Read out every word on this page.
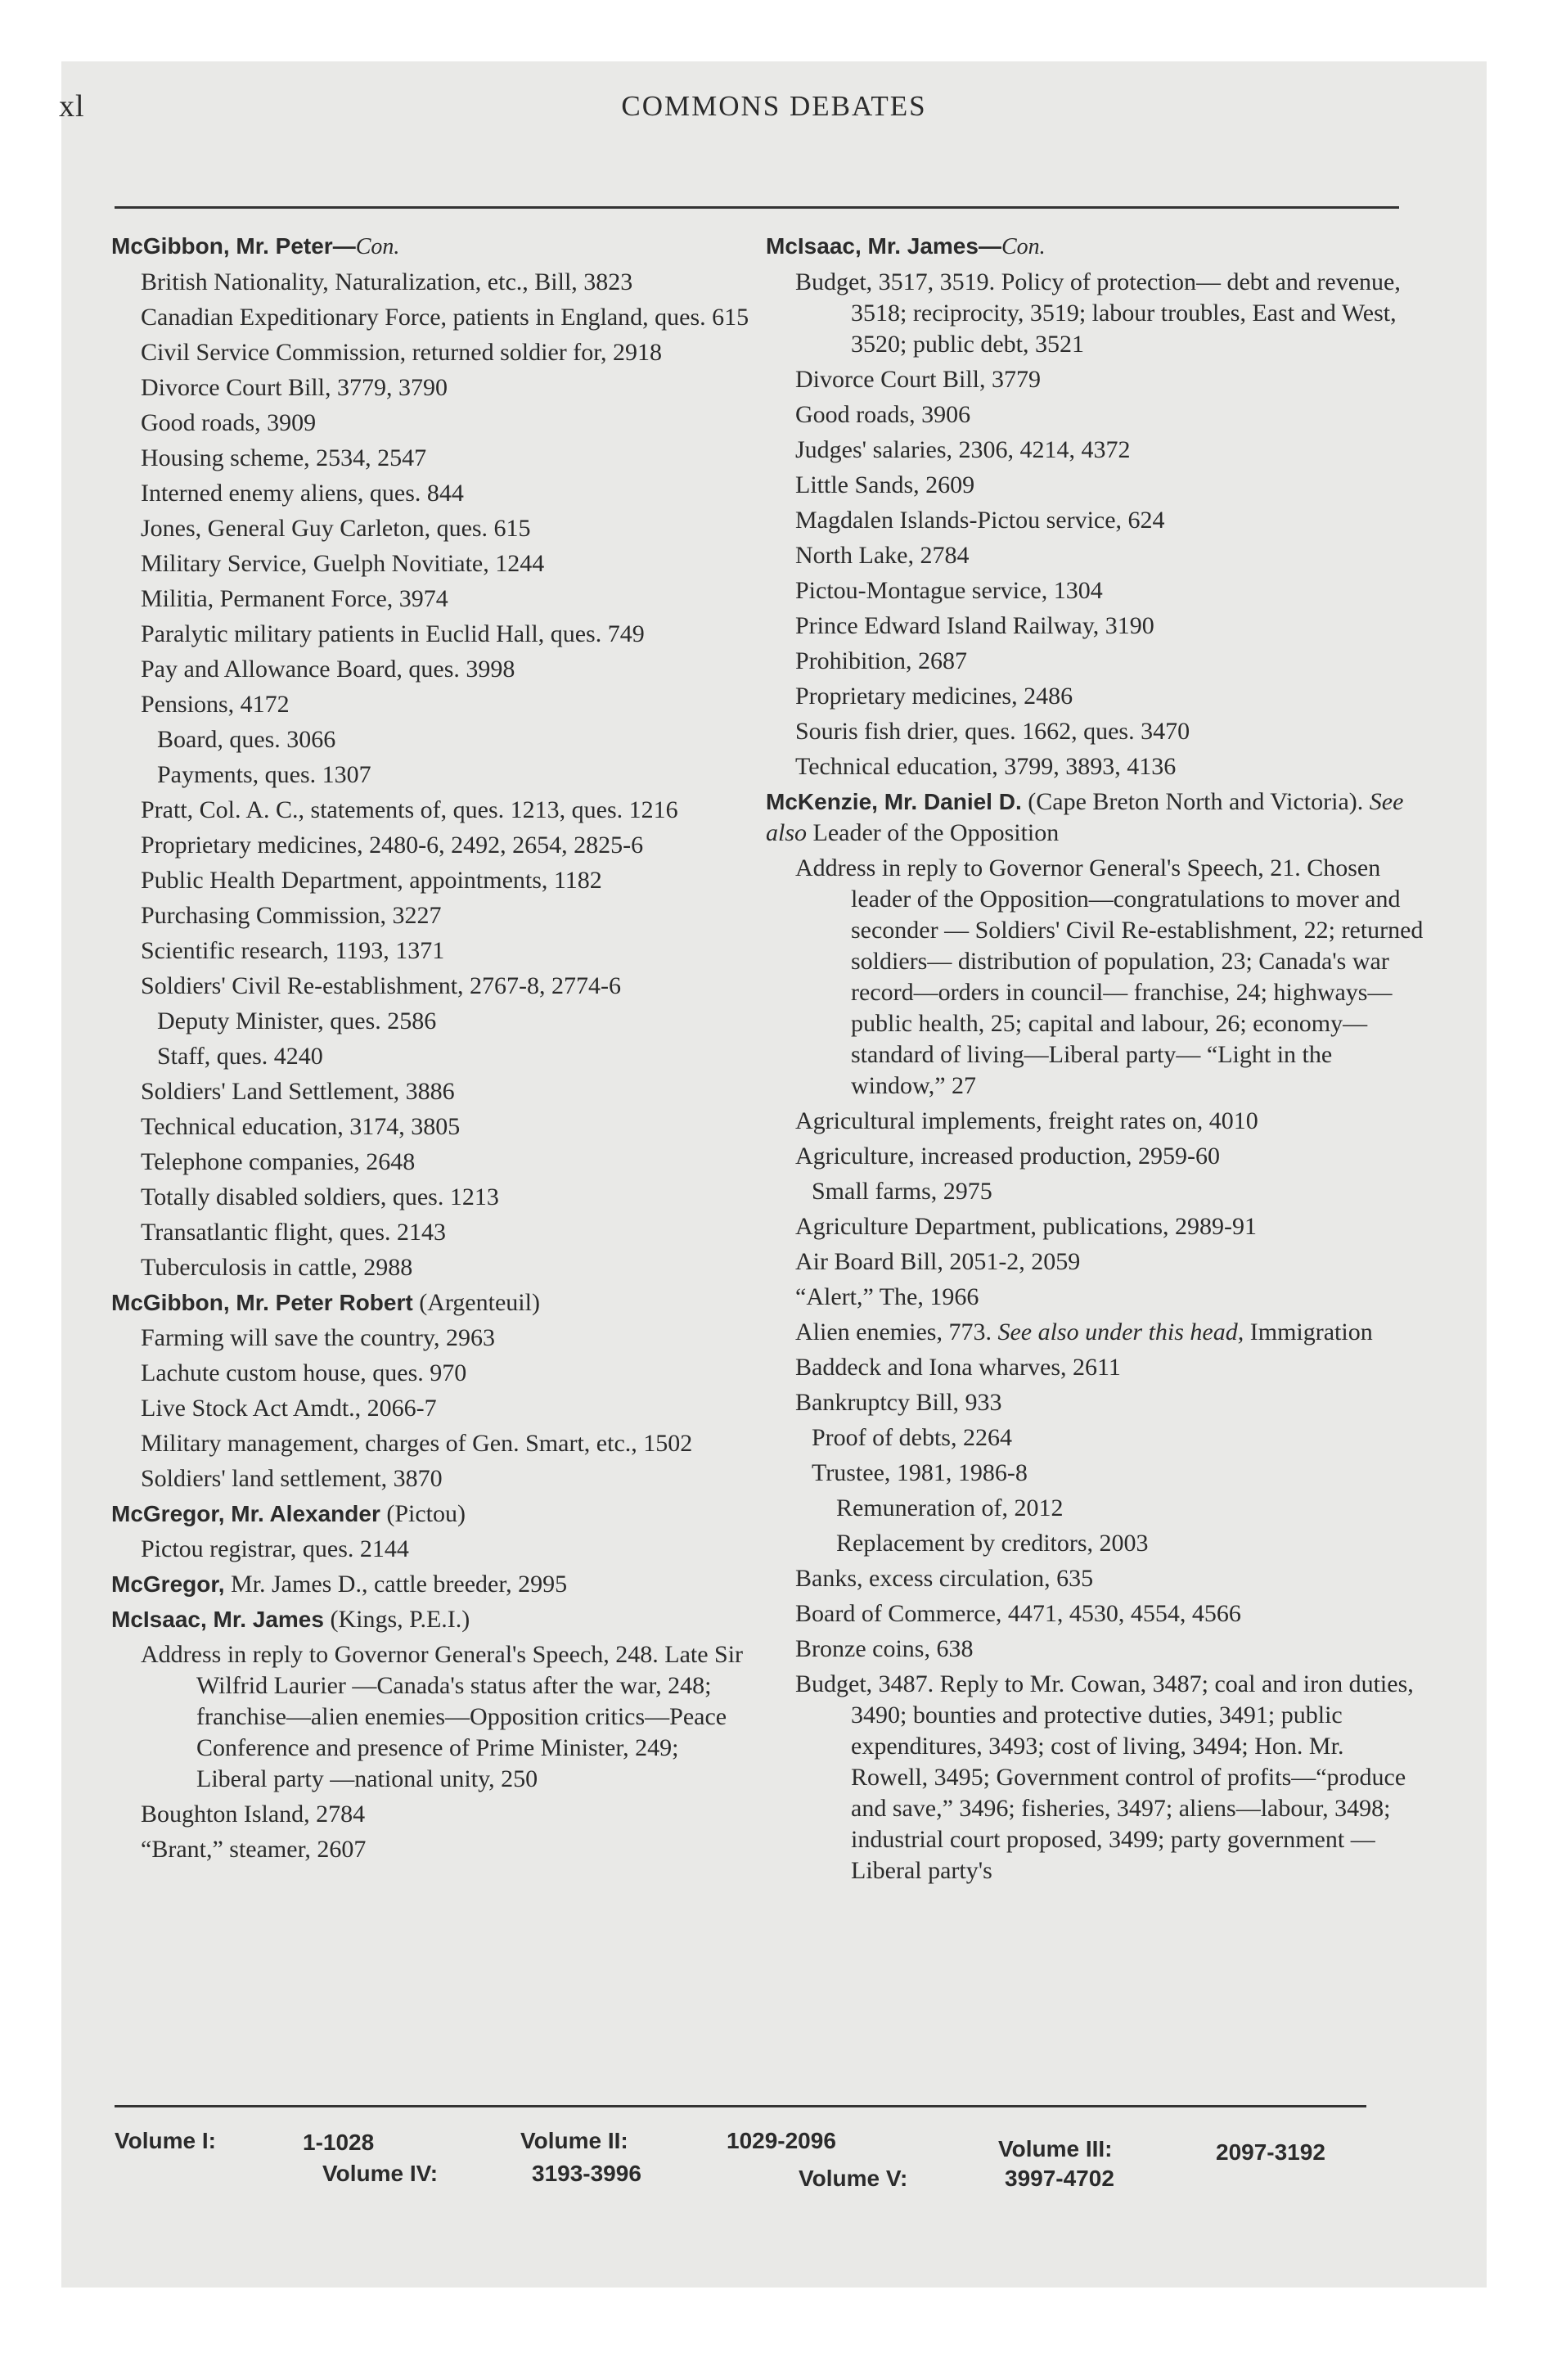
xl	COMMONS DEBATES
McGibbon, Mr. Peter—Con.
British Nationality, Naturalization, etc., Bill, 3823
Canadian Expeditionary Force, patients in England, ques. 615
Civil Service Commission, returned soldier for, 2918
Divorce Court Bill, 3779, 3790
Good roads, 3909
Housing scheme, 2534, 2547
Interned enemy aliens, ques. 844
Jones, General Guy Carleton, ques. 615
Military Service, Guelph Novitiate, 1244
Militia, Permanent Force, 3974
Paralytic military patients in Euclid Hall, ques. 749
Pay and Allowance Board, ques. 3998
Pensions, 4172
Board, ques. 3066
Payments, ques. 1307
Pratt, Col. A. C., statements of, ques. 1213, ques. 1216
Proprietary medicines, 2480-6, 2492, 2654, 2825-6
Public Health Department, appointments, 1182
Purchasing Commission, 3227
Scientific research, 1193, 1371
Soldiers' Civil Re-establishment, 2767-8, 2774-6
Deputy Minister, ques. 2586
Staff, ques. 4240
Soldiers' Land Settlement, 3886
Technical education, 3174, 3805
Telephone companies, 2648
Totally disabled soldiers, ques. 1213
Transatlantic flight, ques. 2143
Tuberculosis in cattle, 2988
McGibbon, Mr. Peter Robert (Argenteuil)
Farming will save the country, 2963
Lachute custom house, ques. 970
Live Stock Act Amdt., 2066-7
Military management, charges of Gen. Smart, etc., 1502
Soldiers' land settlement, 3870
McGregor, Mr. Alexander (Pictou)
Pictou registrar, ques. 2144
McGregor, Mr. James D., cattle breeder, 2995
McIsaac, Mr. James (Kings, P.E.I.)
Address in reply to Governor General's Speech, 248. Late Sir Wilfrid Laurier —Canada's status after the war, 248; franchise—alien enemies—Opposition critics—Peace Conference and presence of Prime Minister, 249; Liberal party —national unity, 250
Boughton Island, 2784
“Brant,” steamer, 2607
McIsaac, Mr. James—Con.
Budget, 3517, 3519. Policy of protection— debt and revenue, 3518; reciprocity, 3519; labour troubles, East and West, 3520; public debt, 3521
Divorce Court Bill, 3779
Good roads, 3906
Judges' salaries, 2306, 4214, 4372
Little Sands, 2609
Magdalen Islands-Pictou service, 624
North Lake, 2784
Pictou-Montague service, 1304
Prince Edward Island Railway, 3190
Prohibition, 2687
Proprietary medicines, 2486
Souris fish drier, ques. 1662, ques. 3470
Technical education, 3799, 3893, 4136
McKenzie, Mr. Daniel D. (Cape Breton North and Victoria). See also Leader of the Opposition
Address in reply to Governor General's Speech, 21. Chosen leader of the Opposition—congratulations to mover and seconder — Soldiers' Civil Re-establishment, 22; returned soldiers— distribution of population, 23; Canada's war record—orders in council— franchise, 24; highways—public health, 25; capital and labour, 26; economy— standard of living—Liberal party— “Light in the window,” 27
Agricultural implements, freight rates on, 4010
Agriculture, increased production, 2959-60
Small farms, 2975
Agriculture Department, publications, 2989-91
Air Board Bill, 2051-2, 2059
“Alert,” The, 1966
Alien enemies, 773. See also under this head, Immigration
Baddeck and Iona wharves, 2611
Bankruptcy Bill, 933
Proof of debts, 2264
Trustee, 1981, 1986-8
Remuneration of, 2012
Replacement by creditors, 2003
Banks, excess circulation, 635
Board of Commerce, 4471, 4530, 4554, 4566
Bronze coins, 638
Budget, 3487. Reply to Mr. Cowan, 3487; coal and iron duties, 3490; bounties and protective duties, 3491; public expenditures, 3493; cost of living, 3494; Hon. Mr. Rowell, 3495; Government control of profits—“produce and save,” 3496; fisheries, 3497; aliens—labour, 3498; industrial court proposed, 3499; party government — Liberal party's
Volume I:	1-1028	Volume II:	1029-2096	Volume III:	2097-3192
Volume IV:	3193-3996	Volume V:	3997-4702
